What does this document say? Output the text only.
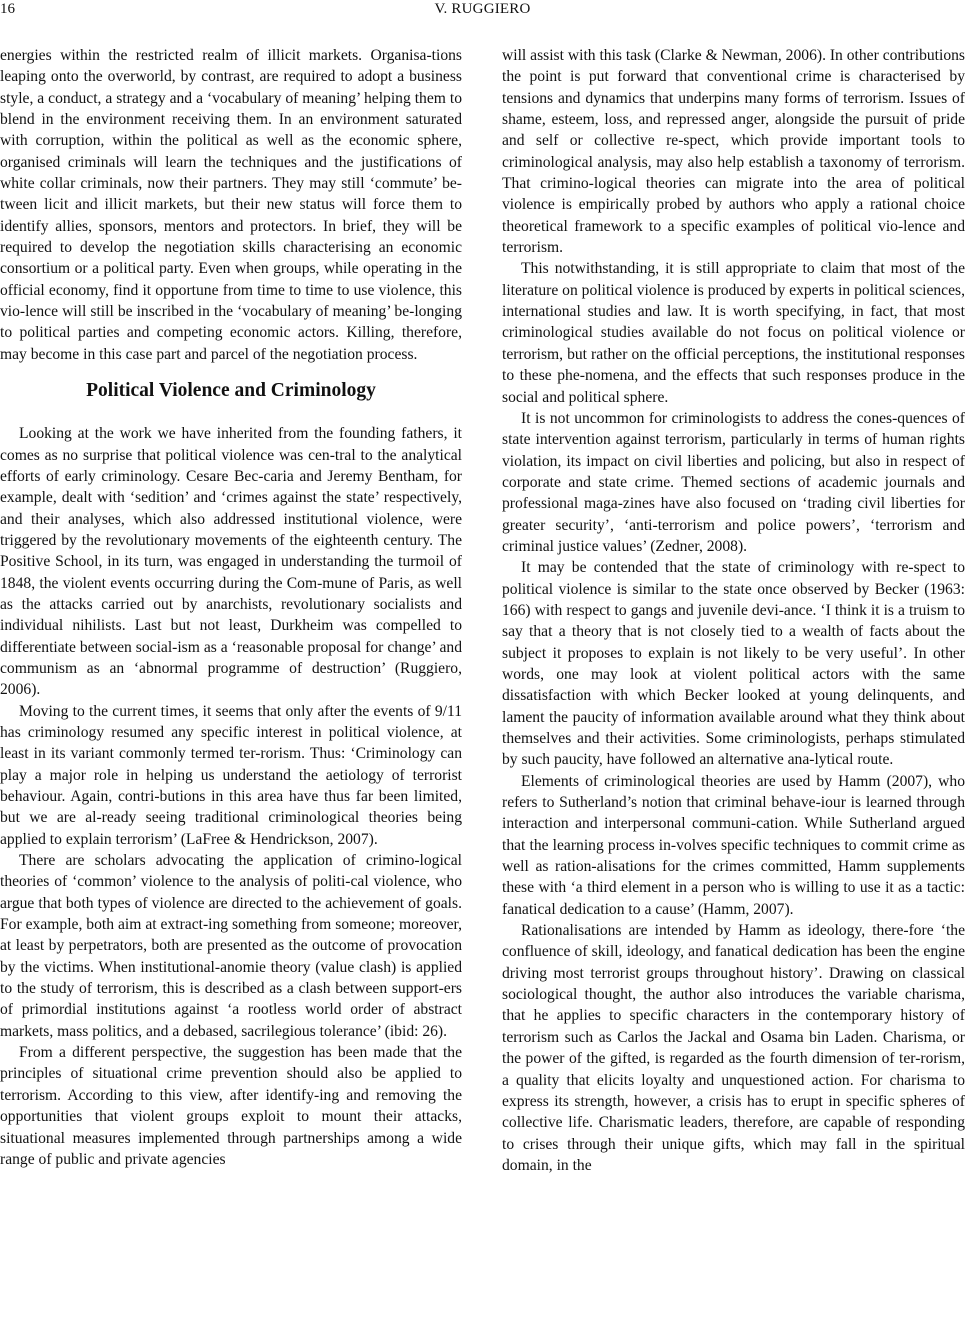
16	V. RUGGIERO

energies within the restricted realm of illicit markets. Organisa-tions leaping onto the overworld, by contrast, are required to adopt a business style, a conduct, a strategy and a ‘vocabulary of meaning’ helping them to blend in the environment receiving them. In an environment saturated with corruption, within the political as well as the economic sphere, organised criminals will learn the techniques and the justifications of white collar criminals, now their partners. They may still ‘commute’ be-tween licit and illicit markets, but their new status will force them to identify allies, sponsors, mentors and protectors. In brief, they will be required to develop the negotiation skills characterising an economic consortium or a political party. Even when groups, while operating in the official economy, find it opportune from time to time to use violence, this vio-lence will still be inscribed in the ‘vocabulary of meaning’ be-longing to political parties and competing economic actors. Killing, therefore, may become in this case part and parcel of the negotiation process.

Political Violence and Criminology

Looking at the work we have inherited from the founding fathers, it comes as no surprise that political violence was cen-tral to the analytical efforts of early criminology. Cesare Bec-caria and Jeremy Bentham, for example, dealt with ‘sedition’ and ‘crimes against the state’ respectively, and their analyses, which also addressed institutional violence, were triggered by the revolutionary movements of the eighteenth century. The Positive School, in its turn, was engaged in understanding the turmoil of 1848, the violent events occurring during the Com-mune of Paris, as well as the attacks carried out by anarchists, revolutionary socialists and individual nihilists. Last but not least, Durkheim was compelled to differentiate between social-ism as a ‘reasonable proposal for change’ and communism as an ‘abnormal programme of destruction’ (Ruggiero, 2006).

Moving to the current times, it seems that only after the events of 9/11 has criminology resumed any specific interest in political violence, at least in its variant commonly termed ter-rorism. Thus: ‘Criminology can play a major role in helping us understand the aetiology of terrorist behaviour. Again, contri-butions in this area have thus far been limited, but we are al-ready seeing traditional criminological theories being applied to explain terrorism’ (LaFree & Hendrickson, 2007).

There are scholars advocating the application of crimino-logical theories of ‘common’ violence to the analysis of politi-cal violence, who argue that both types of violence are directed to the achievement of goals. For example, both aim at extract-ing something from someone; moreover, at least by perpetrators, both are presented as the outcome of provocation by the victims. When institutional-anomie theory (value clash) is applied to the study of terrorism, this is described as a clash between support-ers of primordial institutions against ‘a rootless world order of abstract markets, mass politics, and a debased, sacrilegious tolerance’ (ibid: 26).

From a different perspective, the suggestion has been made that the principles of situational crime prevention should also be applied to terrorism. According to this view, after identify-ing and removing the opportunities that violent groups exploit to mount their attacks, situational measures implemented through partnerships among a wide range of public and private agencies

will assist with this task (Clarke & Newman, 2006). In other contributions the point is put forward that conventional crime is characterised by tensions and dynamics that underpins many forms of terrorism. Issues of shame, esteem, loss, and repressed anger, alongside the pursuit of pride and self or collective re-spect, which provide important tools to criminological analysis, may also help establish a taxonomy of terrorism. That crimino-logical theories can migrate into the area of political violence is empirically probed by authors who apply a rational choice theoretical framework to a specific examples of political vio-lence and terrorism.

This notwithstanding, it is still appropriate to claim that most of the literature on political violence is produced by experts in political sciences, international studies and law. It is worth specifying, in fact, that most criminological studies available do not focus on political violence or terrorism, but rather on the official perceptions, the institutional responses to these phe-nomena, and the effects that such responses produce in the social and political sphere.

It is not uncommon for criminologists to address the cones-quences of state intervention against terrorism, particularly in terms of human rights violation, its impact on civil liberties and policing, but also in respect of corporate and state crime. Themed sections of academic journals and professional maga-zines have also focused on ‘trading civil liberties for greater security’, ‘anti-terrorism and police powers’, ‘terrorism and criminal justice values’ (Zedner, 2008).

It may be contended that the state of criminology with re-spect to political violence is similar to the state once observed by Becker (1963: 166) with respect to gangs and juvenile devi-ance. ‘I think it is a truism to say that a theory that is not closely tied to a wealth of facts about the subject it proposes to explain is not likely to be very useful’. In other words, one may look at violent political actors with the same dissatisfaction with which Becker looked at young delinquents, and lament the paucity of information available around what they think about themselves and their activities. Some criminologists, perhaps stimulated by such paucity, have followed an alternative ana-lytical route.

Elements of criminological theories are used by Hamm (2007), who refers to Sutherland’s notion that criminal behave-iour is learned through interaction and interpersonal communi-cation. While Sutherland argued that the learning process in-volves specific techniques to commit crime as well as ration-alisations for the crimes committed, Hamm supplements these with ‘a third element in a person who is willing to use it as a tactic: fanatical dedication to a cause’ (Hamm, 2007).

Rationalisations are intended by Hamm as ideology, there-fore ‘the confluence of skill, ideology, and fanatical dedication has been the engine driving most terrorist groups throughout history’. Drawing on classical sociological thought, the author also introduces the variable charisma, that he applies to specific characters in the contemporary history of terrorism such as Carlos the Jackal and Osama bin Laden. Charisma, or the power of the gifted, is regarded as the fourth dimension of ter-rorism, a quality that elicits loyalty and unquestioned action. For charisma to express its strength, however, a crisis has to erupt in specific spheres of collective life. Charismatic leaders, therefore, are capable of responding to crises through their unique gifts, which may fall in the spiritual domain, in the
